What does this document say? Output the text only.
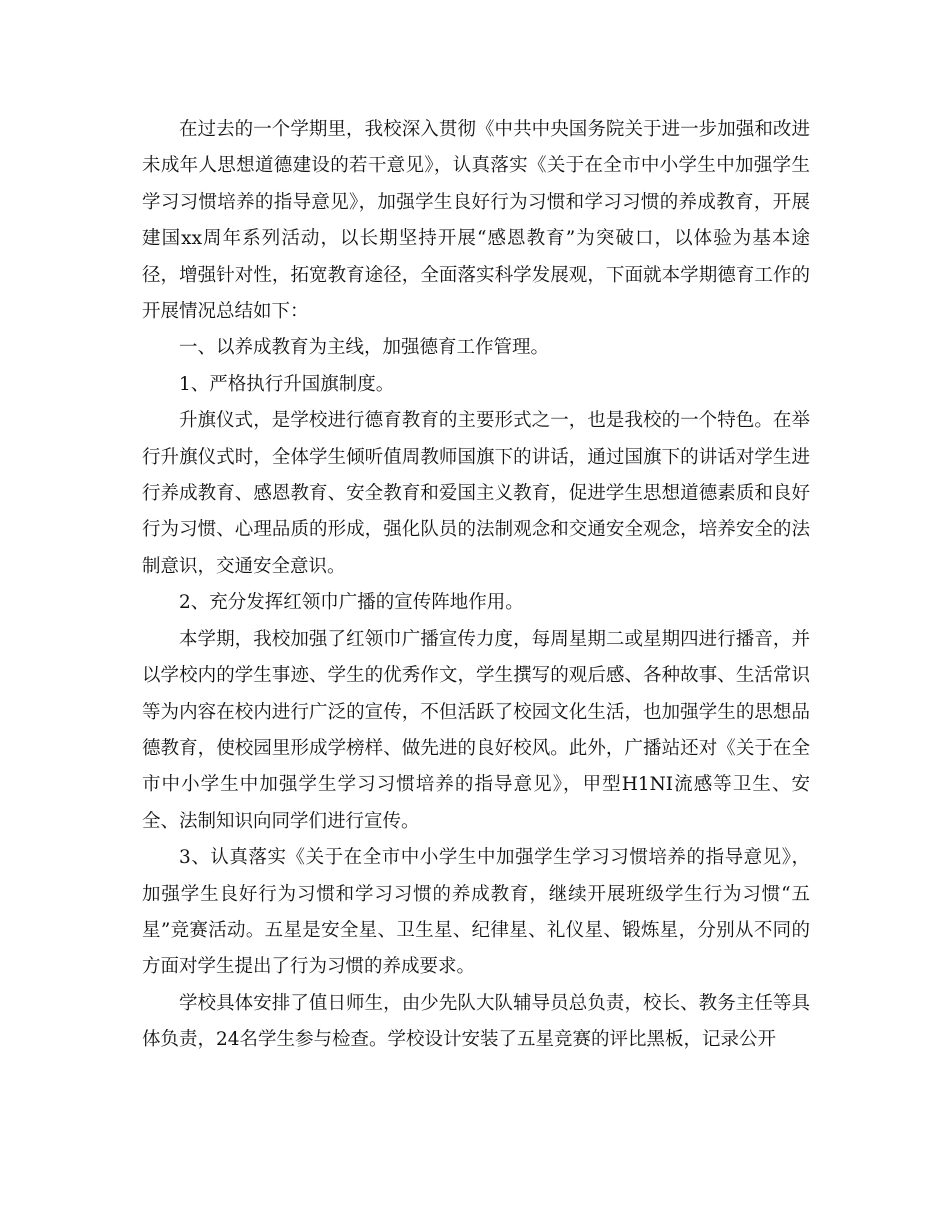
在过去的一个学期里，我校深入贯彻《中共中央国务院关于进一步加强和改进未成年人思想道德建设的若干意见》，认真落实《关于在全市中小学生中加强学生学习习惯培养的指导意见》，加强学生良好行为习惯和学习习惯的养成教育，开展建国xx周年系列活动，以长期坚持开展“感恩教育”为突破口，以体验为基本途径，增强针对性，拓宽教育途径，全面落实科学发展观，下面就本学期德育工作的开展情况总结如下：

一、以养成教育为主线，加强德育工作管理。

1、严格执行升国旗制度。

升旗仪式，是学校进行德育教育的主要形式之一，也是我校的一个特色。在举行升旗仪式时，全体学生倾听值周教师国旗下的讲话，通过国旗下的讲话对学生进行养成教育、感恩教育、安全教育和爱国主义教育，促进学生思想道德素质和良好行为习惯、心理品质的形成，强化队员的法制观念和交通安全观念，培养安全的法制意识，交通安全意识。

2、充分发挥红领巾广播的宣传阵地作用。

本学期，我校加强了红领巾广播宣传力度，每周星期二或星期四进行播音，并以学校内的学生事迹、学生的优秀作文，学生撰写的观后感、各种故事、生活常识等为内容在校内进行广泛的宣传，不但活跃了校园文化生活，也加强学生的思想品德教育，使校园里形成学榜样、做先进的良好校风。此外，广播站还对《关于在全市中小学生中加强学生学习习惯培养的指导意见》，甲型H1NI流感等卫生、安全、法制知识向同学们进行宣传。

3、认真落实《关于在全市中小学生中加强学生学习习惯培养的指导意见》，加强学生良好行为习惯和学习习惯的养成教育，继续开展班级学生行为习惯“五星”竞赛活动。五星是安全星、卫生星、纪律星、礼仪星、锻炼星，分别从不同的方面对学生提出了行为习惯的养成要求。

学校具体安排了值日师生，由少先队大队辅导员总负责，校长、教务主任等具体负责，24名学生参与检查。学校设计安装了五星竞赛的评比黑板，记录公开
